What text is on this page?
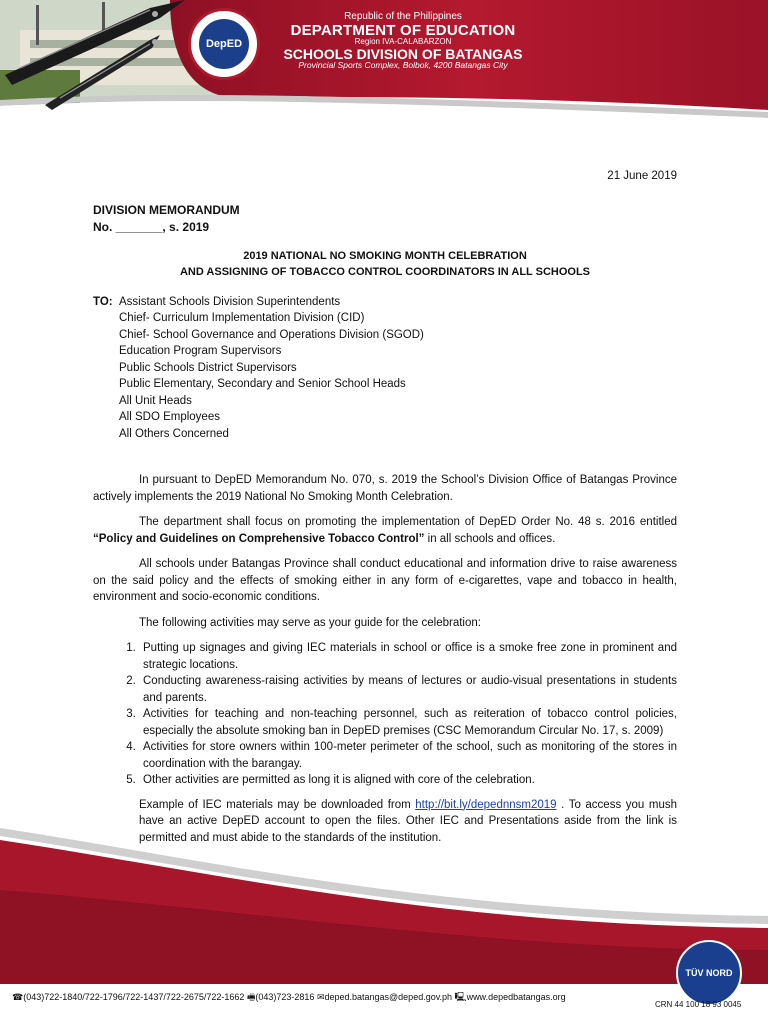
DepED
Republic of the Philippines
DEPARTMENT OF EDUCATION
Region IVA-CALABARZON
SCHOOLS DIVISION OF BATANGAS
Provincial Sports Complex, Bolbok, 4200 Batangas City
21 June 2019
DIVISION MEMORANDUM
No. _______, s. 2019
2019 NATIONAL NO SMOKING MONTH CELEBRATION
AND ASSIGNING OF TOBACCO CONTROL COORDINATORS IN ALL SCHOOLS
TO: Assistant Schools Division Superintendents
Chief- Curriculum Implementation Division (CID)
Chief- School Governance and Operations Division (SGOD)
Education Program Supervisors
Public Schools District Supervisors
Public Elementary, Secondary and Senior School Heads
All Unit Heads
All SDO Employees
All Others Concerned

In pursuant to DepED Memorandum No. 070, s. 2019 the School’s Division Office of Batangas Province actively implements the 2019 National No Smoking Month Celebration.

The department shall focus on promoting the implementation of DepED Order No. 48 s. 2016 entitled “Policy and Guidelines on Comprehensive Tobacco Control” in all schools and offices.

All schools under Batangas Province shall conduct educational and information drive to raise awareness on the said policy and the effects of smoking either in any form of e-cigarettes, vape and tobacco in health, environment and socio-economic conditions.

The following activities may serve as your guide for the celebration:

1. Putting up signages and giving IEC materials in school or office is a smoke free zone in prominent and strategic locations.
2. Conducting awareness-raising activities by means of lectures or audio-visual presentations in students and parents.
3. Activities for teaching and non-teaching personnel, such as reiteration of tobacco control policies, especially the absolute smoking ban in DepED premises (CSC Memorandum Circular No. 17, s. 2009)
4. Activities for store owners within 100-meter perimeter of the school, such as monitoring of the stores in coordination with the barangay.
5. Other activities are permitted as long it is aligned with core of the celebration.

Example of IEC materials may be downloaded from http://bit.ly/depednnsm2019 . To access you mush have an active DepED account to open the files. Other IEC and Presentations aside from the link is permitted and must abide to the standards of the institution.

TÜV NORD
☎(043)722-1840/722-1796/722-1437/722-2675/722-1662 🖷(043)723-2816 ✉deped.batangas@deped.gov.ph 🖳www.depedbatangas.org
CRN 44 100 18 93 0045
